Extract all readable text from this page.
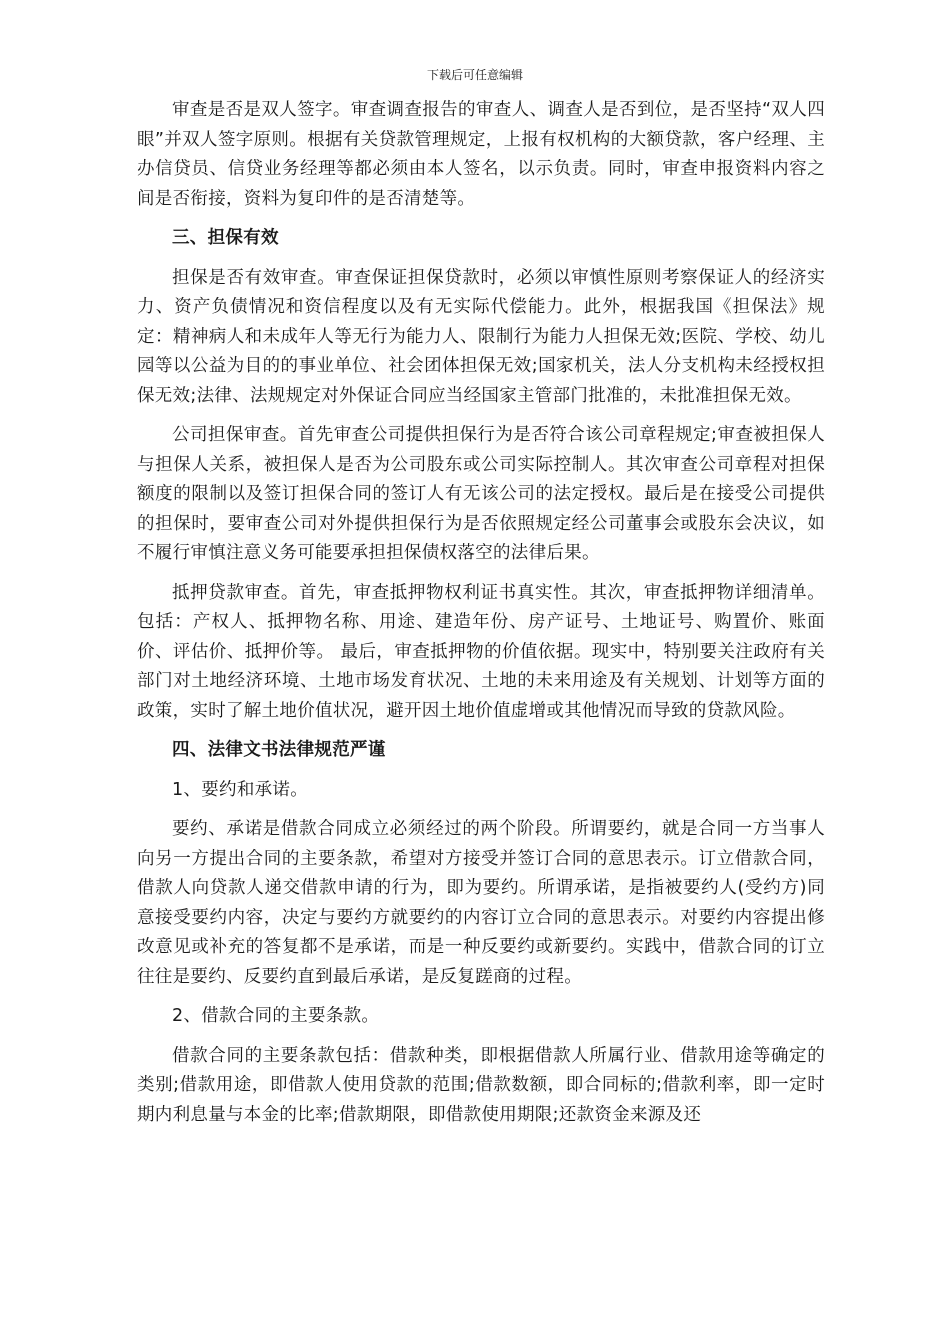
下载后可任意编辑

审查是否是双人签字。审查调查报告的审查人、调查人是否到位，是否坚持“双人四眼”并双人签字原则。根据有关贷款管理规定，上报有权机构的大额贷款，客户经理、主办信贷员、信贷业务经理等都必须由本人签名，以示负责。同时，审查申报资料内容之间是否衔接，资料为复印件的是否清楚等。

三、担保有效

担保是否有效审查。审查保证担保贷款时，必须以审慎性原则考察保证人的经济实力、资产负债情况和资信程度以及有无实际代偿能力。此外，根据我国《担保法》规定：精神病人和未成年人等无行为能力人、限制行为能力人担保无效;医院、学校、幼儿园等以公益为目的的事业单位、社会团体担保无效;国家机关，法人分支机构未经授权担保无效;法律、法规规定对外保证合同应当经国家主管部门批准的，未批准担保无效。

公司担保审查。首先审查公司提供担保行为是否符合该公司章程规定;审查被担保人与担保人关系，被担保人是否为公司股东或公司实际控制人。其次审查公司章程对担保额度的限制以及签订担保合同的签订人有无该公司的法定授权。最后是在接受公司提供的担保时，要审查公司对外提供担保行为是否依照规定经公司董事会或股东会决议，如不履行审慎注意义务可能要承担担保债权落空的法律后果。

抵押贷款审查。首先，审查抵押物权利证书真实性。其次，审查抵押物详细清单。包括：产权人、抵押物名称、用途、建造年份、房产证号、土地证号、购置价、账面价、评估价、抵押价等。 最后，审查抵押物的价值依据。现实中，特别要关注政府有关部门对土地经济环境、土地市场发育状况、土地的未来用途及有关规划、计划等方面的政策，实时了解土地价值状况，避开因土地价值虚增或其他情况而导致的贷款风险。

四、法律文书法律规范严谨

1、要约和承诺。

要约、承诺是借款合同成立必须经过的两个阶段。所谓要约，就是合同一方当事人向另一方提出合同的主要条款，希望对方接受并签订合同的意思表示。订立借款合同，借款人向贷款人递交借款申请的行为，即为要约。所谓承诺，是指被要约人(受约方)同意接受要约内容，决定与要约方就要约的内容订立合同的意思表示。对要约内容提出修改意见或补充的答复都不是承诺，而是一种反要约或新要约。实践中，借款合同的订立往往是要约、反要约直到最后承诺，是反复蹉商的过程。

2、借款合同的主要条款。

借款合同的主要条款包括：借款种类，即根据借款人所属行业、借款用途等确定的类别;借款用途，即借款人使用贷款的范围;借款数额，即合同标的;借款利率，即一定时期内利息量与本金的比率;借款期限，即借款使用期限;还款资金来源及还
